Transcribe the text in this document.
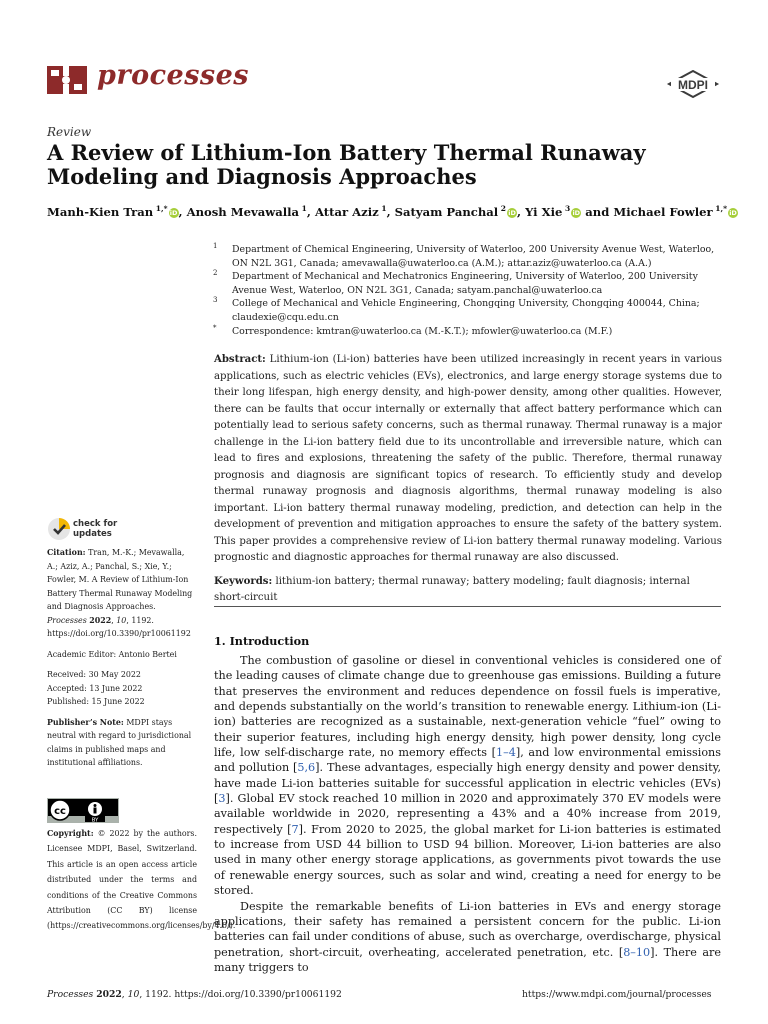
processes	MDPI
Review
A Review of Lithium-Ion Battery Thermal Runaway Modeling and Diagnosis Approaches
Manh-Kien Tran $^{1,*}$ iD, Anosh Mevawalla $^1$, Attar Aziz $^1$, Satyam Panchal $^2$ iD, Yi Xie $^3$ iD and Michael Fowler $^{1,*}$ iD
1 Department of Chemical Engineering, University of Waterloo, 200 University Avenue West, Waterloo, ON N2L 3G1, Canada; amevawalla@uwaterloo.ca (A.M.); attar.aziz@uwaterloo.ca (A.A.)
2 Department of Mechanical and Mechatronics Engineering, University of Waterloo, 200 University Avenue West, Waterloo, ON N2L 3G1, Canada; satyam.panchal@uwaterloo.ca
3 College of Mechanical and Vehicle Engineering, Chongqing University, Chongqing 400044, China; claudexie@cqu.edu.cn
* Correspondence: kmtran@uwaterloo.ca (M.-K.T.); mfowler@uwaterloo.ca (M.F.)
Abstract: Lithium-ion (Li-ion) batteries have been utilized increasingly in recent years in various applications, such as electric vehicles (EVs), electronics, and large energy storage systems due to their long lifespan, high energy density, and high-power density, among other qualities. However, there can be faults that occur internally or externally that affect battery performance which can potentially lead to serious safety concerns, such as thermal runaway. Thermal runaway is a major challenge in the Li-ion battery field due to its uncontrollable and irreversible nature, which can lead to fires and explosions, threatening the safety of the public. Therefore, thermal runaway prognosis and diagnosis are significant topics of research. To efficiently study and develop thermal runaway prognosis and diagnosis algorithms, thermal runaway modeling is also important. Li-ion battery thermal runaway modeling, prediction, and detection can help in the development of prevention and mitigation approaches to ensure the safety of the battery system. This paper provides a comprehensive review of Li-ion battery thermal runaway modeling. Various prognostic and diagnostic approaches for thermal runaway are also discussed.
Keywords: lithium-ion battery; thermal runaway; battery modeling; fault diagnosis; internal short-circuit
1. Introduction

The combustion of gasoline or diesel in conventional vehicles is considered one of the leading causes of climate change due to greenhouse gas emissions. Building a future that preserves the environment and reduces dependence on fossil fuels is imperative, and depends substantially on the world’s transition to renewable energy. Lithium-ion (Li-ion) batteries are recognized as a sustainable, next-generation vehicle “fuel” owing to their superior features, including high energy density, high power density, long cycle life, low self-discharge rate, no memory effects [1–4], and low environmental emissions and pollution [5,6]. These advantages, especially high energy density and power density, have made Li-ion batteries suitable for successful application in electric vehicles (EVs) [3]. Global EV stock reached 10 million in 2020 and approximately 370 EV models were available worldwide in 2020, representing a 43% and a 40% increase from 2019, respectively [7]. From 2020 to 2025, the global market for Li-ion batteries is estimated to increase from USD 44 billion to USD 94 billion. Moreover, Li-ion batteries are also used in many other energy storage applications, as governments pivot towards the use of renewable energy sources, such as solar and wind, creating a need for energy to be stored.

Despite the remarkable benefits of Li-ion batteries in EVs and energy storage applications, their safety has remained a persistent concern for the public. Li-ion batteries can fail under conditions of abuse, such as overcharge, overdischarge, physical penetration, short-circuit, overheating, accelerated penetration, etc. [8–10]. There are many triggers to

check for
updates
Citation: Tran, M.-K.; Mevawalla, A.; Aziz, A.; Panchal, S.; Xie, Y.; Fowler, M. A Review of Lithium-Ion Battery Thermal Runaway Modeling and Diagnosis Approaches. Processes 2022, 10, 1192. https://doi.org/10.3390/pr10061192
Academic Editor: Antonio Bertei
Received: 30 May 2022
Accepted: 13 June 2022
Published: 15 June 2022
Publisher’s Note: MDPI stays neutral with regard to jurisdictional claims in published maps and institutional affiliations.
cc
BY
Copyright: © 2022 by the authors. Licensee MDPI, Basel, Switzerland. This article is an open access article distributed under the terms and conditions of the Creative Commons Attribution (CC BY) license (https://creativecommons.org/licenses/by/4.0/).
Processes 2022, 10, 1192. https://doi.org/10.3390/pr10061192	https://www.mdpi.com/journal/processes
